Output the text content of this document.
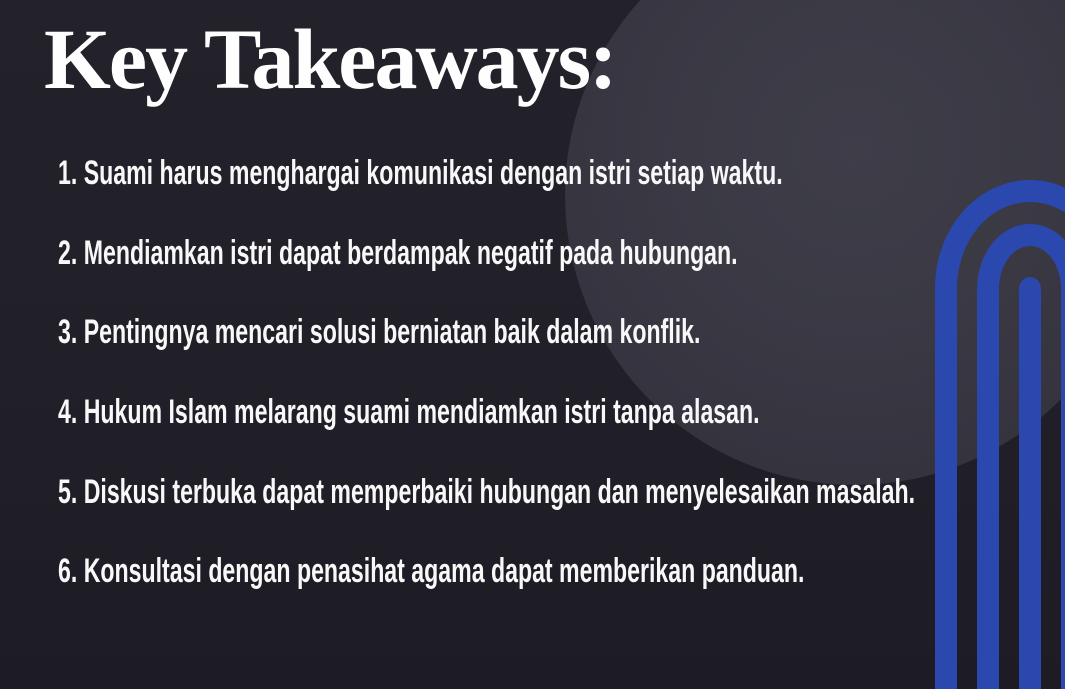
Key Takeaways:
1. Suami harus menghargai komunikasi dengan istri setiap waktu.
2. Mendiamkan istri dapat berdampak negatif pada hubungan.
3. Pentingnya mencari solusi berniatan baik dalam konflik.
4. Hukum Islam melarang suami mendiamkan istri tanpa alasan.
5. Diskusi terbuka dapat memperbaiki hubungan dan menyelesaikan masalah.
6. Konsultasi dengan penasihat agama dapat memberikan panduan.
